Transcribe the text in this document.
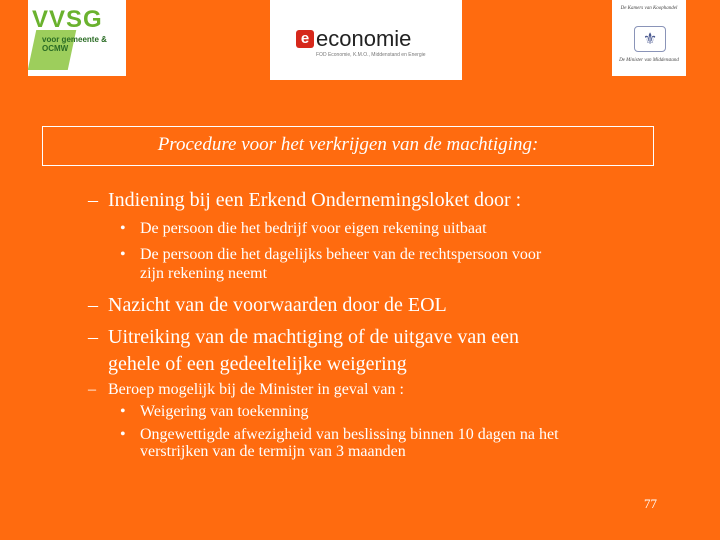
VVSG
voor gemeente & OCMW
e economie
FOD Economie, K.M.O., Middenstand en Energie
De Kamers van Koophandel
⚜
De Minister van Middenstand
Procedure voor het verkrijgen van de machtiging:
– Indiening bij een Erkend Ondernemingsloket door :
• De persoon die het bedrijf voor eigen rekening uitbaat
• De persoon die het dagelijks beheer van de rechtspersoon voor
zijn rekening neemt
– Nazicht van de voorwaarden door de EOL
– Uitreiking van de machtiging of de uitgave van een
gehele of een gedeeltelijke weigering
– Beroep mogelijk bij de Minister in geval van :
• Weigering van toekenning
• Ongewettigde afwezigheid van beslissing binnen 10 dagen na het
verstrijken van de termijn van 3 maanden
77
